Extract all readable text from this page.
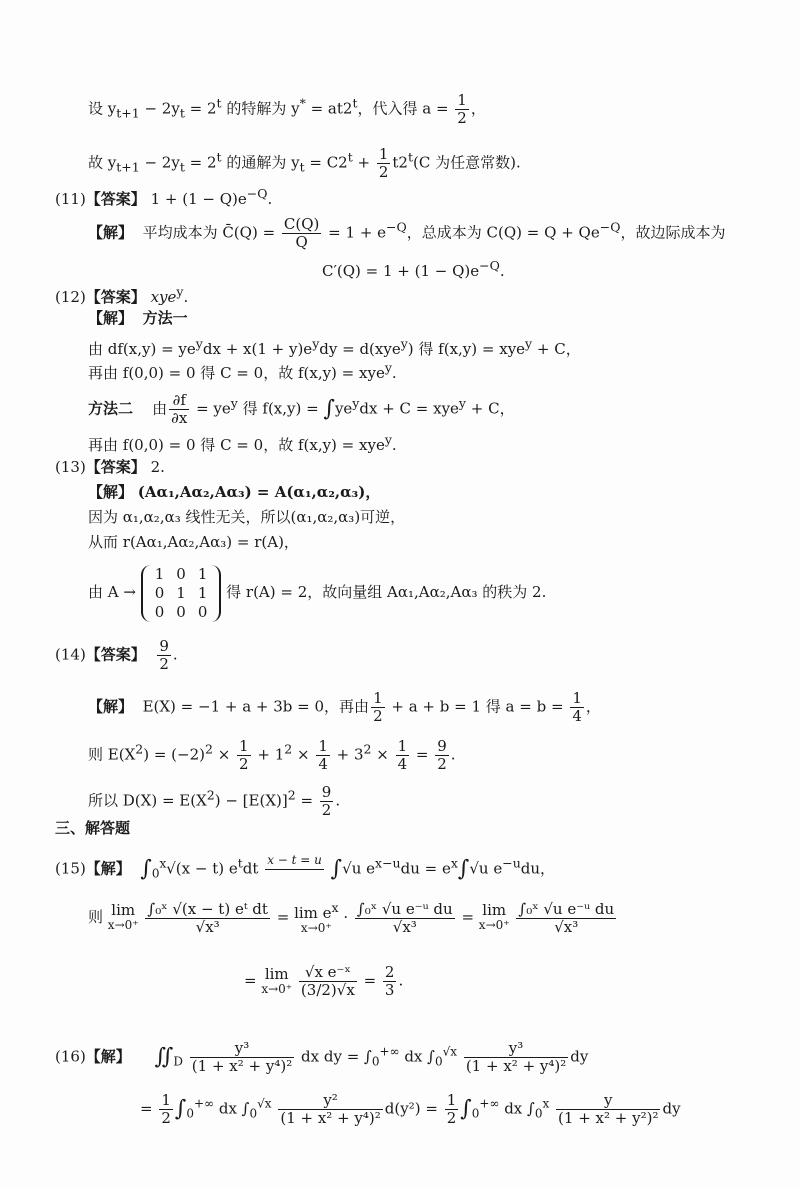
设 $y_{t+1} - 2y_t = 2^t$ 的特解为 $y^* = at2^t$，代入得 $a = \frac{1}{2}$ ，
故 $y_{t+1} - 2y_t = 2^t$ 的通解为 $y_t = C2^t + \frac{1}{2} t2^t(C$ 为任意常数).
(11)【答案】 $1 + (1 - Q)e^{-Q}$.
【解】 平均成本为 C̄(Q) = $\frac{C(Q)}{Q} = 1 + e^{-Q}$，总成本为 $C(Q) = Q + Qe^{-Q}$，故边际成本为
$C'(Q) = 1 + (1 - Q)e^{-Q}$.
(12)【答案】 xye$^y$.
【解】 方法一
由 $df(x,y) = ye^ydx + x(1 + y)e^ydy = d(xye^y)$ 得 f(x,y) = xye$^y$ + C，
再由 f(0,0) = 0 得 C = 0，故 f(x,y) = xye$^y$.
方法二 由 $\frac{\partial f}{\partial x} = ye^y$ 得 $f(x,y) = \int ye^ydx + C = xye^y + C$，
再由 f(0,0) = 0 得 C = 0，故 f(x,y) = xye$^y$.
(13)【答案】 2.
【解】 (Aα₁,Aα₂,Aα₃) = A(α₁,α₂,α₃)，
因为 α₁,α₂,α₃ 线性无关，所以(α₁,α₂,α₃)可逆，
从而 r(Aα₁,Aα₂,Aα₃) = r(A)，
由 A →
1	0	1
0	1	1
0	0	0
得 r(A) = 2，故向量组 Aα₁,Aα₂,Aα₃ 的秩为 2.
(14)【答案】 $\frac{9}{2}$ .
【解】 E(X) = −1 + a + 3b = 0，再由 $\frac{1}{2} + a + b = 1$ 得 $a = b = \frac{1}{4}$ ，
则 $E(X^2) = (-2)^2 \times \frac{1}{2} + 1^2 \times \frac{1}{4} + 3^2 \times \frac{1}{4} = \frac{9}{2}$ .
所以 $D(X) = E(X^2) - [E(X)]^2 = \frac{9}{2}$ .
三、解答题
(15)【解】 $\int_0^x√(x - t)$ $e^tdt$ x − t = u
∫√u $e^{x-u}du = e^x\int√u$ $e^{-u}du$，
则 lim
x→0⁺
$\frac{\text{∫₀ˣ √(x − t) eᵗ dt}}{\text{√x³}} = \lim e^x$
x→0⁺
· $\frac{\text{∫₀ˣ √u e⁻ᵘ du}}{\text{√x³}} = \lim$
x→0⁺
$\frac{\text{∫₀ˣ √u e⁻ᵘ du}}{\text{√x³}}$
= lim
x→0⁺
$\frac{\text{√x e⁻ˣ}}{(3/2)√x} = \frac{2}{3}$ .
(16)【解】 $∬_D \frac{\text{y³}}{\text{(1 + x² + y⁴)²}}$ dx dy = $\int_0^{+\infty}$ dx $\int_0^{√x} \frac{\text{y³}}{\text{(1 + x² + y⁴)²}}$ dy
= $\frac{1}{2} \int_0^{+\infty}$ dx $\int_0^{√x} \frac{\text{y²}}{\text{(1 + x² + y⁴)²}} d(y^2) = \frac{1}{2} \int_0^{+\infty}$ dx $\int_0^x \frac{y}{\text{(1 + x² + y²)²}}$ dy
